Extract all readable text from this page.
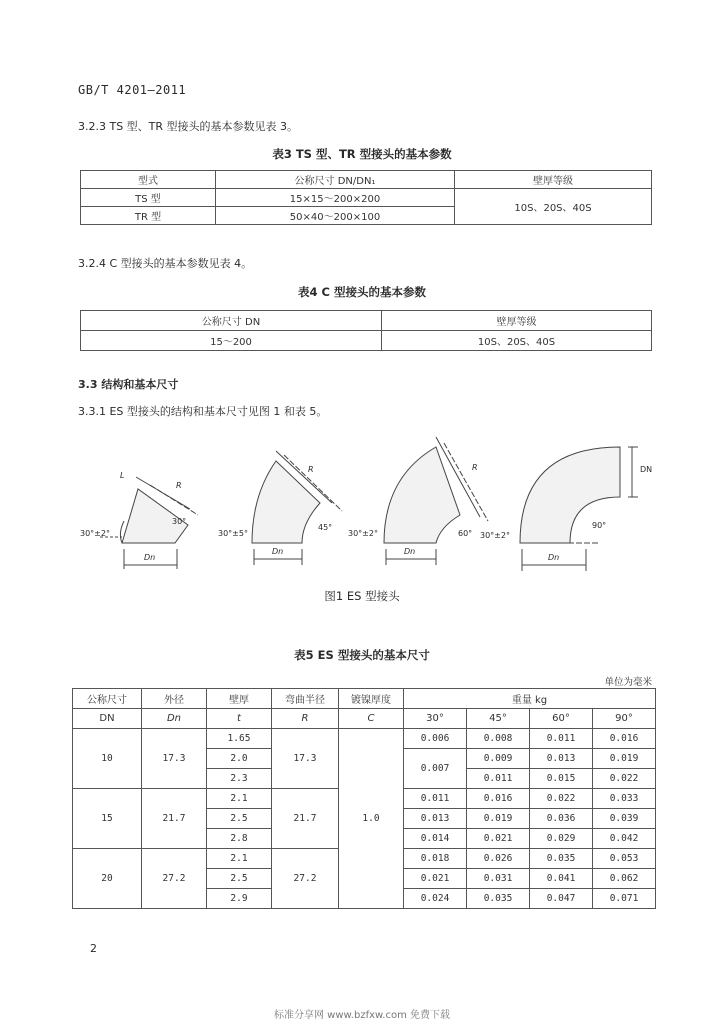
GB/T 4201—2011
3.2.3 TS 型、TR 型接头的基本参数见表 3。
表3 TS 型、TR 型接头的基本参数
型式	公称尺寸 DN/DN₁	壁厚等级
TS 型	15×15～200×200	10S、20S、40S
TR 型	50×40～200×100	
3.2.4 C 型接头的基本参数见表 4。
表4 C 型接头的基本参数
公称尺寸 DN	壁厚等级
15～200	10S、20S、40S
3.3 结构和基本尺寸
3.3.1 ES 型接头的结构和基本尺寸见图 1 和表 5。
30°±2°	30°±5°	30°±2°	30°±2°
30°
45°
60°
90°
Dn
Dn	Dn
Dn
R
L
R	R	DN
图1 ES 型接头
表5 ES 型接头的基本尺寸
单位为毫米
公称尺寸	外径	壁厚	弯曲半径	镀镍厚度	重量 kg			
DN	Dn	t	R	C	30°	45°	60°	90°
10	17.3	1.65	17.3	1.0	0.006	0.008	0.011	0.016
		2.0			0.007	0.009	0.013	0.019
		2.3				0.011	0.015	0.022
15	21.7	2.1	21.7		0.011	0.016	0.022	0.033
		2.5			0.013	0.019	0.036	0.039
		2.8			0.014	0.021	0.029	0.042
20	27.2	2.1	27.2		0.018	0.026	0.035	0.053
		2.5			0.021	0.031	0.041	0.062
		2.9			0.024	0.035	0.047	0.071
2
标准分享网 www.bzfxw.com 免费下载
